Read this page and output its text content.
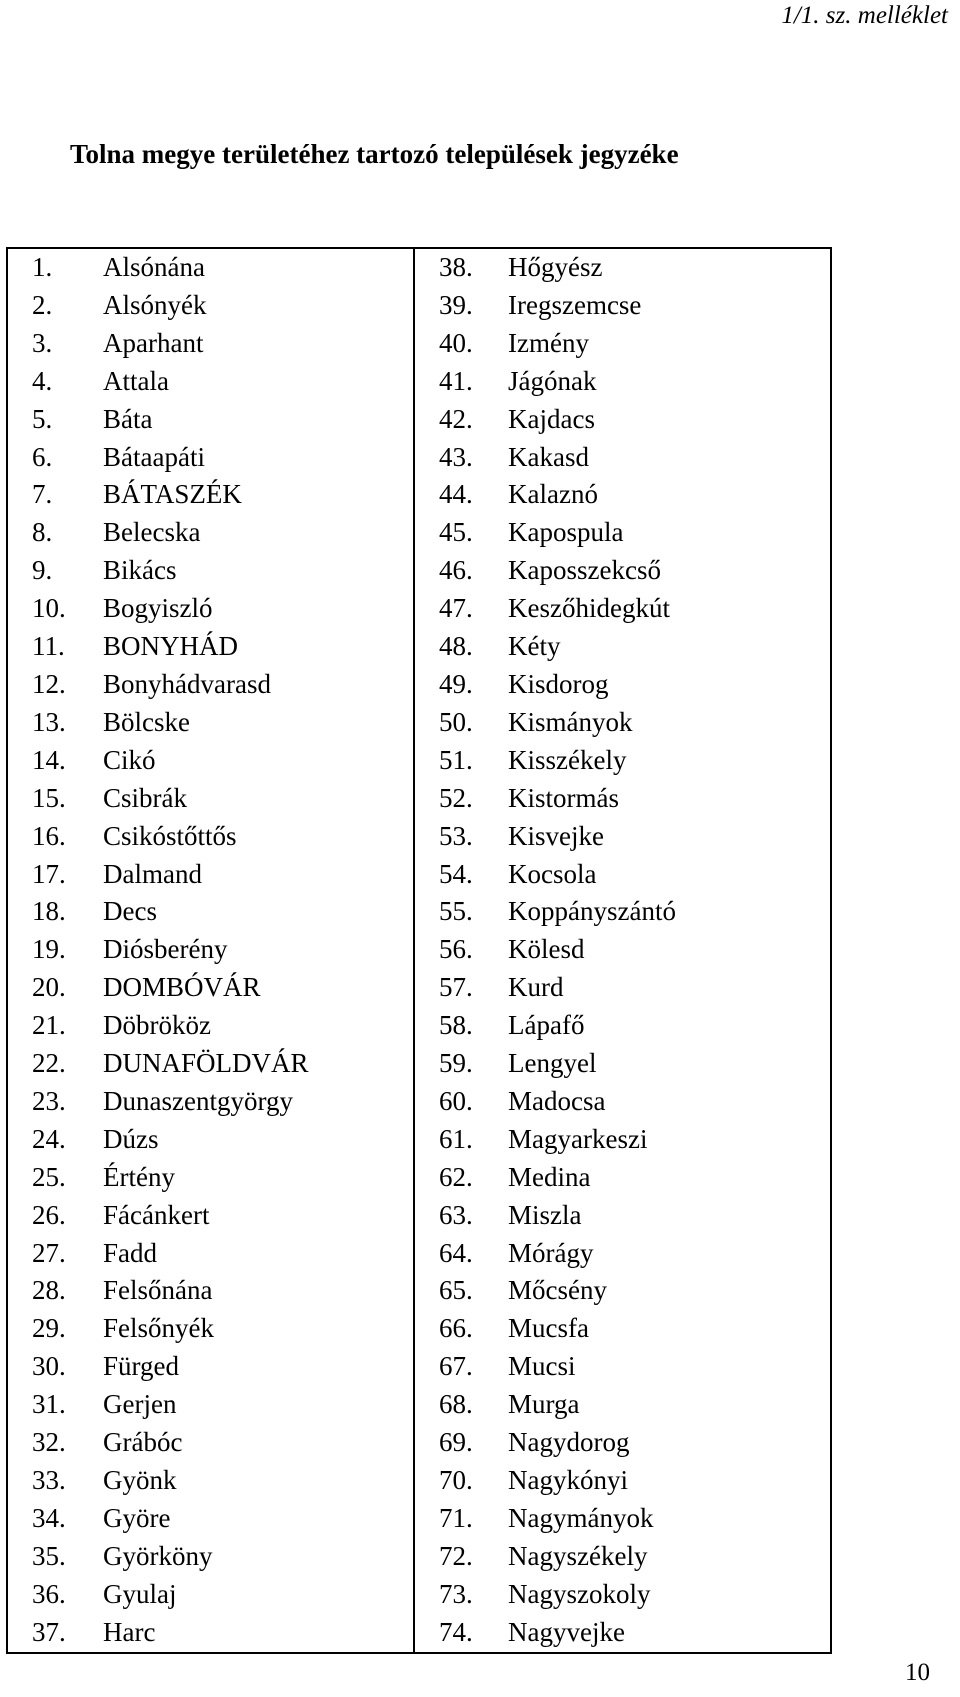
1/1. sz. melléklet
Tolna megye területéhez tartozó települések jegyzéke
1.	Alsónána	38.	Hőgyész
2.	Alsónyék	39.	Iregszemcse
3.	Aparhant	40.	Izmény
4.	Attala	41.	Jágónak
5.	Báta	42.	Kajdacs
6.	Bátaapáti	43.	Kakasd
7.	BÁTASZÉK	44.	Kalaznó
8.	Belecska	45.	Kapospula
9.	Bikács	46.	Kaposszekcső
10.	Bogyiszló	47.	Keszőhidegkút
11.	BONYHÁD	48.	Kéty
12.	Bonyhádvarasd	49.	Kisdorog
13.	Bölcske	50.	Kismányok
14.	Cikó	51.	Kisszékely
15.	Csibrák	52.	Kistormás
16.	Csikóstőttős	53.	Kisvejke
17.	Dalmand	54.	Kocsola
18.	Decs	55.	Koppányszántó
19.	Diósberény	56.	Kölesd
20.	DOMBÓVÁR	57.	Kurd
21.	Döbrököz	58.	Lápafő
22.	DUNAFÖLDVÁR	59.	Lengyel
23.	Dunaszentgyörgy	60.	Madocsa
24.	Dúzs	61.	Magyarkeszi
25.	Értény	62.	Medina
26.	Fácánkert	63.	Miszla
27.	Fadd	64.	Mórágy
28.	Felsőnána	65.	Mőcsény
29.	Felsőnyék	66.	Mucsfa
30.	Fürged	67.	Mucsi
31.	Gerjen	68.	Murga
32.	Grábóc	69.	Nagydorog
33.	Gyönk	70.	Nagykónyi
34.	Györe	71.	Nagymányok
35.	Györköny	72.	Nagyszékely
36.	Gyulaj	73.	Nagyszokoly
37.	Harc	74.	Nagyvejke
10
